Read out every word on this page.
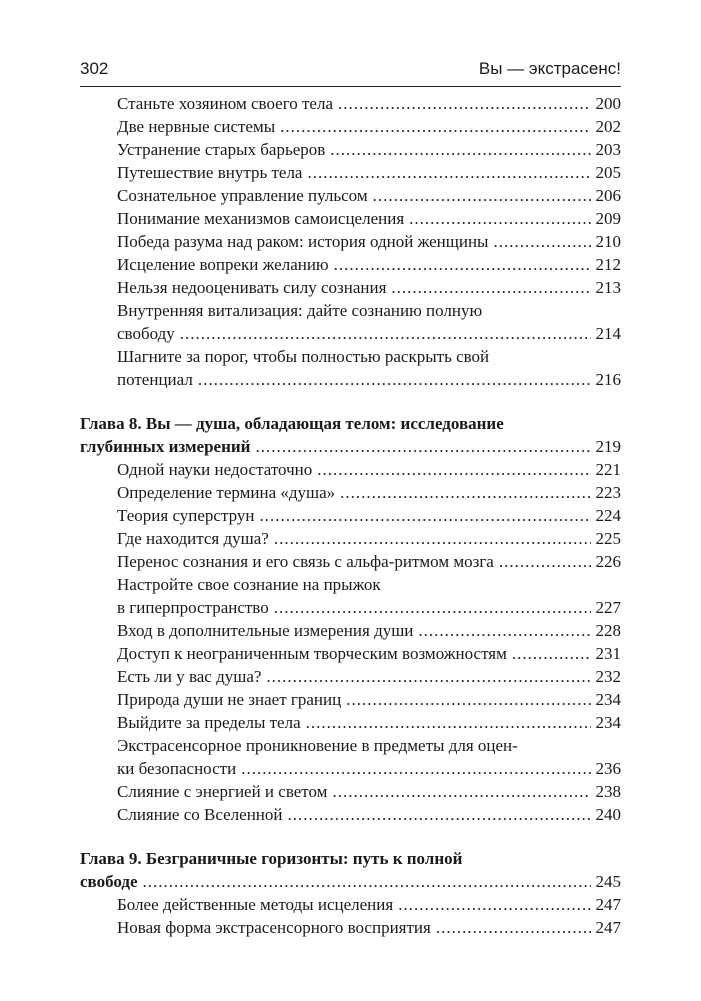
302	Вы — экстрасенс!
Станьте хозяином своего тела .....	200
Две нервные системы .....	202
Устранение старых барьеров .....	203
Путешествие внутрь тела .....	205
Сознательное управление пульсом .....	206
Понимание механизмов самоисцеления .....	209
Победа разума над раком: история одной женщины .....	210
Исцеление вопреки желанию .....	212
Нельзя недооценивать силу сознания .....	213
Внутренняя витализация: дайте сознанию полную
свободу .....	214
Шагните за порог, чтобы полностью раскрыть свой
потенциал .....	216
Глава 8. Вы — душа, обладающая телом: исследование
глубинных измерений .....	219
Одной науки недостаточно .....	221
Определение термина «душа» .....	223
Теория суперструн .....	224
Где находится душа? .....	225
Перенос сознания и его связь с альфа-ритмом мозга .....	226
Настройте свое сознание на прыжок
в гиперпространство .....	227
Вход в дополнительные измерения души .....	228
Доступ к неограниченным творческим возможностям .....	231
Есть ли у вас душа? .....	232
Природа души не знает границ .....	234
Выйдите за пределы тела .....	234
Экстрасенсорное проникновение в предметы для оцен-
ки безопасности .....	236
Слияние с энергией и светом .....	238
Слияние со Вселенной .....	240
Глава 9. Безграничные горизонты: путь к полной
свободе .....	245
Более действенные методы исцеления .....	247
Новая форма экстрасенсорного восприятия .....	247
